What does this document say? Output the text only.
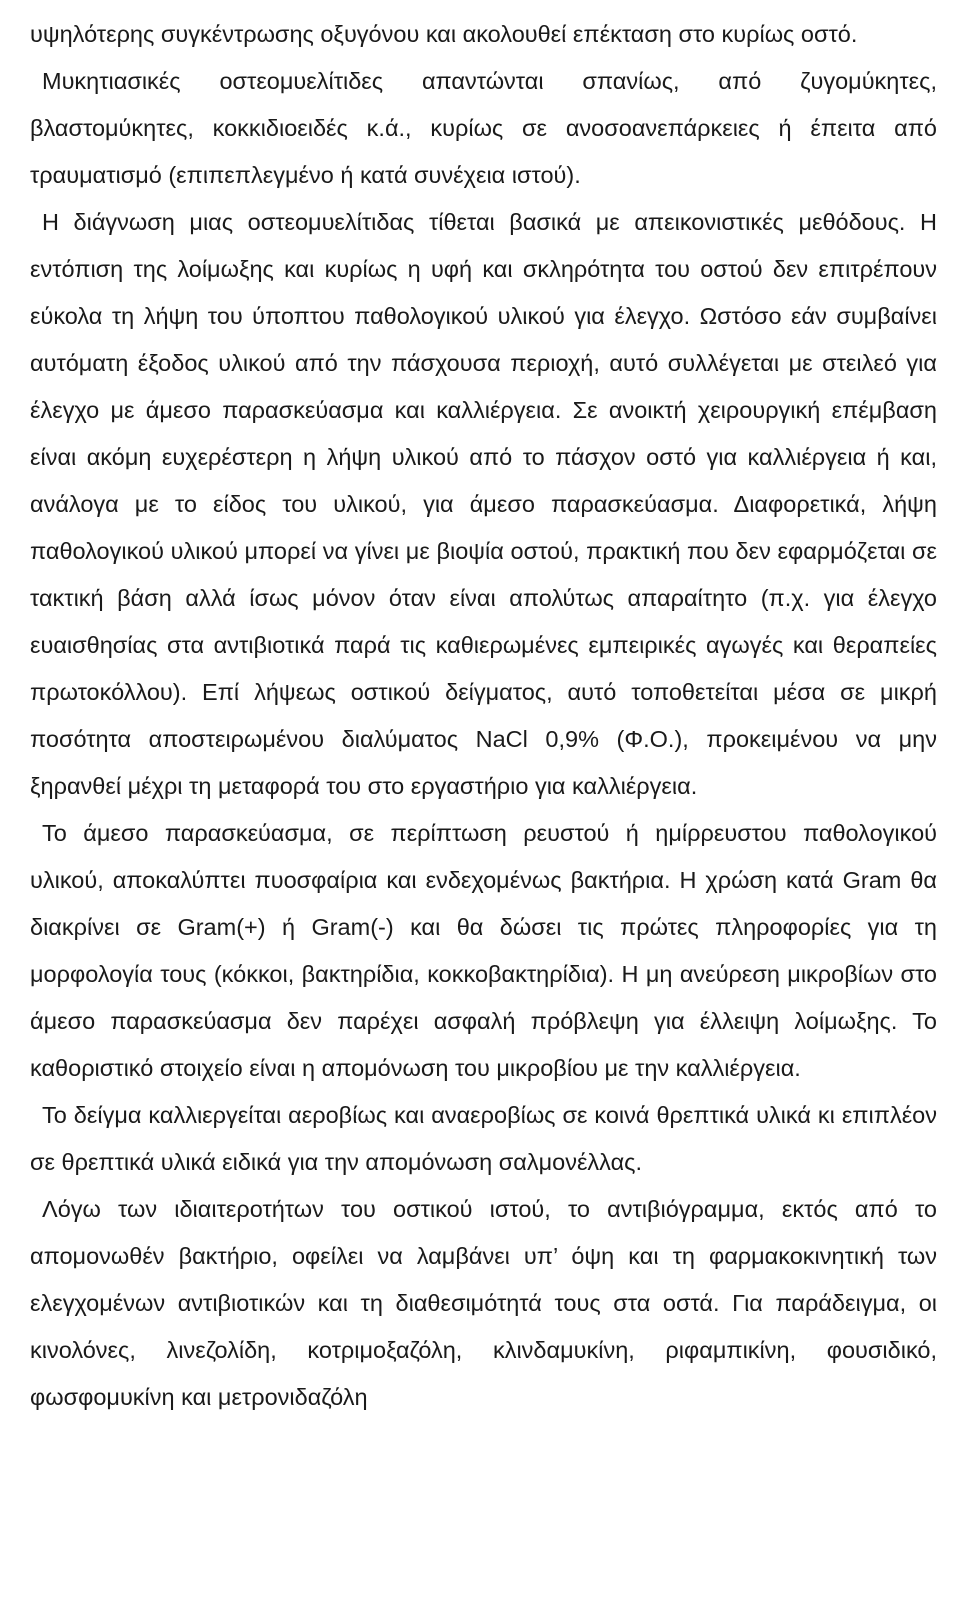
υψηλότερης συγκέντρωσης οξυγόνου και ακολουθεί επέκταση στο κυρίως οστό.

Μυκητιασικές οστεομυελίτιδες απαντώνται σπανίως, από ζυγομύκητες, βλαστομύκητες, κοκκιδιοειδές κ.ά., κυρίως σε ανοσοανεπάρκειες ή έπειτα από τραυματισμό (επιπεπλεγμένο ή κατά συνέχεια ιστού).

Η διάγνωση μιας οστεομυελίτιδας τίθεται βασικά με απεικονιστικές μεθόδους. Η εντόπιση της λοίμωξης και κυρίως η υφή και σκληρότητα του οστού δεν επιτρέπουν εύκολα τη λήψη του ύποπτου παθολογικού υλικού για έλεγχο. Ωστόσο εάν συμβαίνει αυτόματη έξοδος υλικού από την πάσχουσα περιοχή, αυτό συλλέγεται με στειλεό για έλεγχο με άμεσο παρασκεύασμα και καλλιέργεια. Σε ανοικτή χειρουργική επέμβαση είναι ακόμη ευχερέστερη η λήψη υλικού από το πάσχον οστό για καλλιέργεια ή και, ανάλογα με το είδος του υλικού, για άμεσο παρασκεύασμα. Διαφορετικά, λήψη παθολογικού υλικού μπορεί να γίνει με βιοψία οστού, πρακτική που δεν εφαρμόζεται σε τακτική βάση αλλά ίσως μόνον όταν είναι απολύτως απαραίτητο (π.χ. για έλεγχο ευαισθησίας στα αντιβιοτικά παρά τις καθιερωμένες εμπειρικές αγωγές και θεραπείες πρωτοκόλλου). Επί λήψεως οστικού δείγματος, αυτό τοποθετείται μέσα σε μικρή ποσότητα αποστειρωμένου διαλύματος NaCl 0,9% (Φ.Ο.), προκειμένου να μην ξηρανθεί μέχρι τη μεταφορά του στο εργαστήριο για καλλιέργεια.

Το άμεσο παρασκεύασμα, σε περίπτωση ρευστού ή ημίρρευστου παθολογικού υλικού, αποκαλύπτει πυοσφαίρια και ενδεχομένως βακτήρια. Η χρώση κατά Gram θα διακρίνει σε Gram(+) ή Gram(-) και θα δώσει τις πρώτες πληροφορίες για τη μορφολογία τους (κόκκοι, βακτηρίδια, κοκκοβακτηρίδια). Η μη ανεύρεση μικροβίων στο άμεσο παρασκεύασμα δεν παρέχει ασφαλή πρόβλεψη για έλλειψη λοίμωξης. Το καθοριστικό στοιχείο είναι η απομόνωση του μικροβίου με την καλλιέργεια.

Το δείγμα καλλιεργείται αεροβίως και αναεροβίως σε κοινά θρεπτικά υλικά κι επιπλέον σε θρεπτικά υλικά ειδικά για την απομόνωση σαλμονέλλας.

Λόγω των ιδιαιτεροτήτων του οστικού ιστού, το αντιβιόγραμμα, εκτός από το απομονωθέν βακτήριο, οφείλει να λαμβάνει υπ’ όψη και τη φαρμακοκινητική των ελεγχομένων αντιβιοτικών και τη διαθεσιμότητά τους στα οστά. Για παράδειγμα, οι κινολόνες, λινεζολίδη, κοτριμοξαζόλη, κλινδαμυκίνη, ριφαμπικίνη, φουσιδικό, φωσφομυκίνη και μετρονιδαζόλη
